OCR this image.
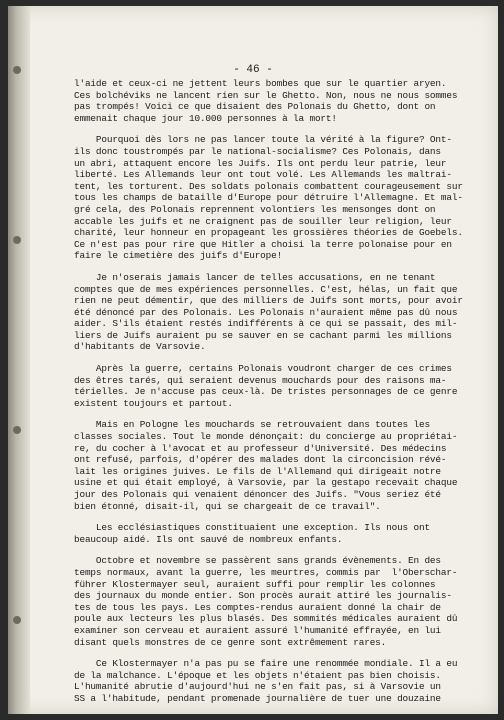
- 46 -
l'aide et ceux-ci ne jettent leurs bombes que sur le quartier aryen.
Ces bolchéviks ne lancent rien sur le Ghetto. Non, nous ne nous sommes
pas trompés! Voici ce que disaient des Polonais du Ghetto, dont on
emmenait chaque jour 10.000 personnes à la mort!
Pourquoi dès lors ne pas lancer toute la vérité à la figure? Ont-
ils donc toustrompés par le national-socialisme? Ces Polonais, dans
un abri, attaquent encore les Juifs. Ils ont perdu leur patrie, leur
liberté. Les Allemands leur ont tout volé. Les Allemands les maltrai-
tent, les torturent. Des soldats polonais combattent courageusement sur
tous les champs de bataille d'Europe pour détruire l'Allemagne. Et mal-
gré cela, des Polonais reprennent volontiers les mensonges dont on
accable les juifs et ne craignent pas de souiller leur religion, leur
charité, leur honneur en propageant les grossières théories de Goebels.
Ce n'est pas pour rire que Hitler a choisi la terre polonaise pour en
faire le cimetière des juifs d'Europe!
Je n'oserais jamais lancer de telles accusations, en ne tenant
comptes que de mes expériences personnelles. C'est, hélas, un fait que
rien ne peut démentir, que des milliers de Juifs sont morts, pour avoir
été dénoncé par des Polonais. Les Polonais n'auraient même pas dû nous
aider. S'ils étaient restés indifférents à ce qui se passait, des mil-
liers de Juifs auraient pu se sauver en se cachant parmi les millions
d'habitants de Varsovie.
Après la guerre, certains Polonais voudront charger de ces crimes
des êtres tarés, qui seraient devenus mouchards pour des raisons ma-
térielles. Je n'accuse pas ceux-là. De tristes personnages de ce genre
existent toujours et partout.
Mais en Pologne les mouchards se retrouvaient dans toutes les
classes sociales. Tout le monde dénonçait: du concierge au propriétai-
re, du cocher à l'avocat et au professeur d'Université. Des médecins
ont refusé, parfois, d'opérer des malades dont la circoncision révé-
lait les origines juives. Le fils de l'Allemand qui dirigeait notre
usine et qui était employé, à Varsovie, par la gestapo recevait chaque
jour des Polonais qui venaient dénoncer des Juifs. "Vous seriez été
bien étonné, disait-il, qui se chargeait de ce travail".
Les ecclésiastiques constituaient une exception. Ils nous ont
beaucoup aidé. Ils ont sauvé de nombreux enfants.
Octobre et novembre se passèrent sans grands évènements. En des
temps normaux, avant la guerre, les meurtres, commis par  l'Oberschar-
führer Klostermayer seul, auraient suffi pour remplir les colonnes
des journaux du monde entier. Son procès aurait attiré les journalis-
tes de tous les pays. Les comptes-rendus auraient donné la chair de
poule aux lecteurs les plus blasés. Des sommités médicales auraient dû
examiner son cerveau et auraient assuré l'humanité effrayée, en lui
disant quels monstres de ce genre sont extrêmement rares.
Ce Klostermayer n'a pas pu se faire une renommée mondiale. Il a eu
de la malchance. L'époque et les objets n'étaient pas bien choisis.
L'humanité abrutie d'aujourd'hui ne s'en fait pas, si à Varsovie un
SS a l'habitude, pendant promenade journalière de tuer une douzaine
